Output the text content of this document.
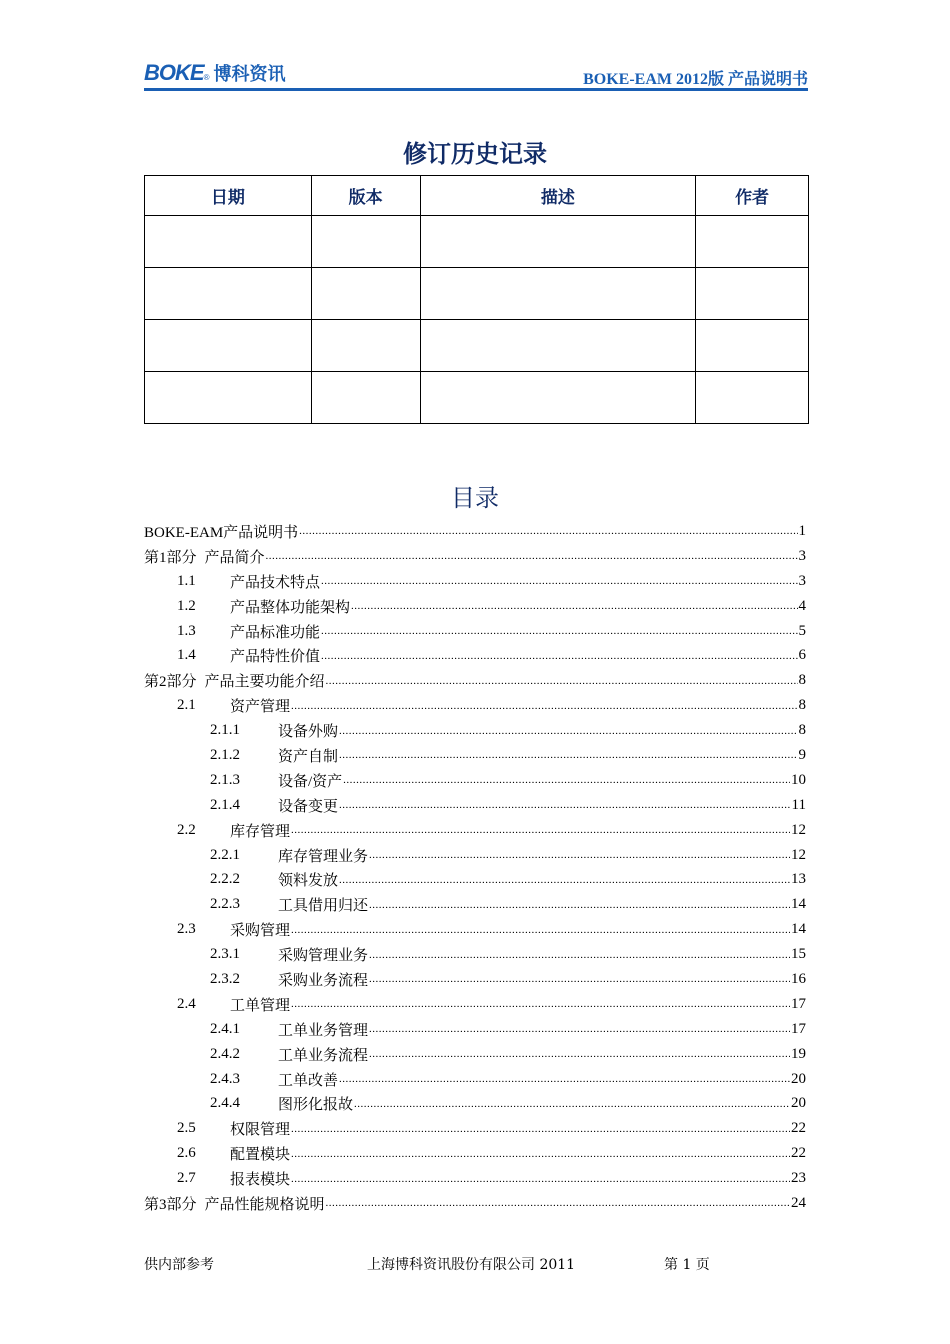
BOKE ® 博科资讯	BOKE-EAM 2012版 产品说明书
修订历史记录
日期	版本	描述	作者

目录
BOKE-EAM产品说明书 .....	1
第1部分 产品简介 .....	3
1.1	产品技术特点 .....	3
1.2	产品整体功能架构 .....	4
1.3	产品标准功能 .....	5
1.4	产品特性价值 .....	6
第2部分 产品主要功能介绍 .....	8
2.1	资产管理 .....	8
2.1.1	设备外购 .....	8
2.1.2	资产自制 .....	9
2.1.3	设备/资产 .....	10
2.1.4	设备变更 .....	11
2.2	库存管理 .....	12
2.2.1	库存管理业务 .....	12
2.2.2	领料发放 .....	13
2.2.3	工具借用归还 .....	14
2.3	采购管理 .....	14
2.3.1	采购管理业务 .....	15
2.3.2	采购业务流程 .....	16
2.4	工单管理 .....	17
2.4.1	工单业务管理 .....	17
2.4.2	工单业务流程 .....	19
2.4.3	工单改善 .....	20
2.4.4	图形化报故 .....	20
2.5	权限管理 .....	22
2.6	配置模块 .....	22
2.7	报表模块 .....	23
第3部分 产品性能规格说明 .....	24
供内部参考	上海博科资讯股份有限公司 2011	第 1 页
